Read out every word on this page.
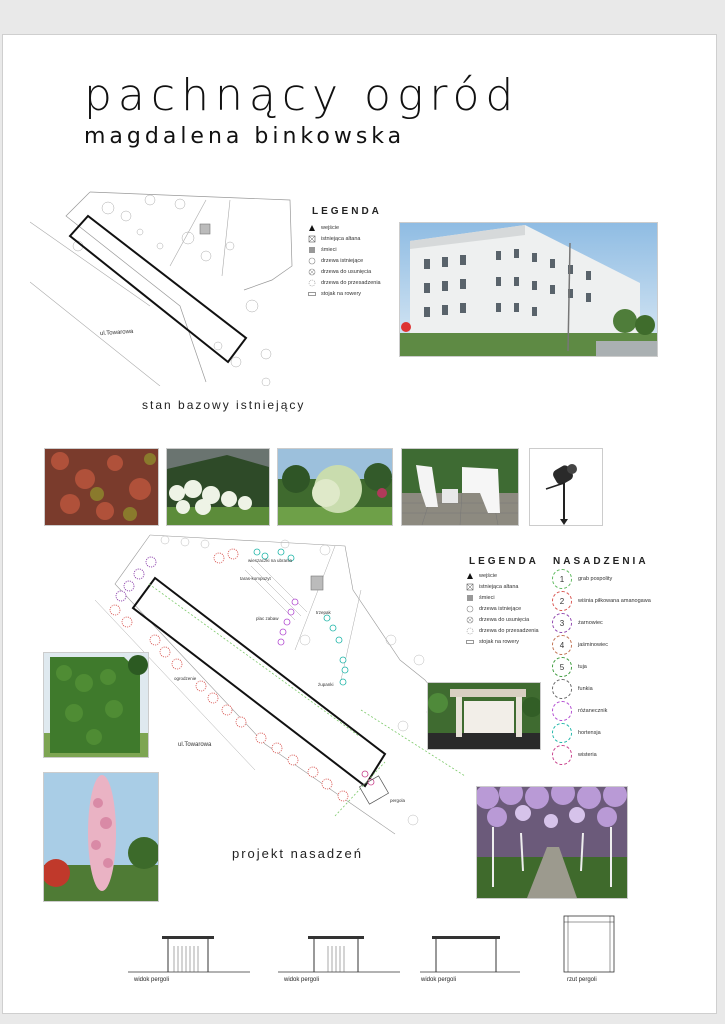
pachnący ogród
magdalena binkowska
ul.Towarowa
stan bazowy istniejący
LEGENDA
wejście
istniejąca altana
śmieci
drzewa istniejące
drzewa do usunięcia
drzewa do przesadzenia
stojak na rowery
wieszaczki na ubrania
taras-kompozyt
trzepak
plac zabaw
ogrodzenie
żupanki
pergola
ul.Towarowa
projekt nasadzeń
LEGENDA
wejście
istniejąca altana
śmieci
drzewa istniejące
drzewa do usunięcia
drzewa do przesadzenia
stojak na rowery
NASADZENIA
1	grab pospolity
2	wiśnia piłkowana amanogawa
3	żarnowiec
4	jaśminowiec
5	tuja
funkia
różanecznik
hortensja
wisteria
widok pergoli	widok pergoli	widok pergoli	rzut pergoli
